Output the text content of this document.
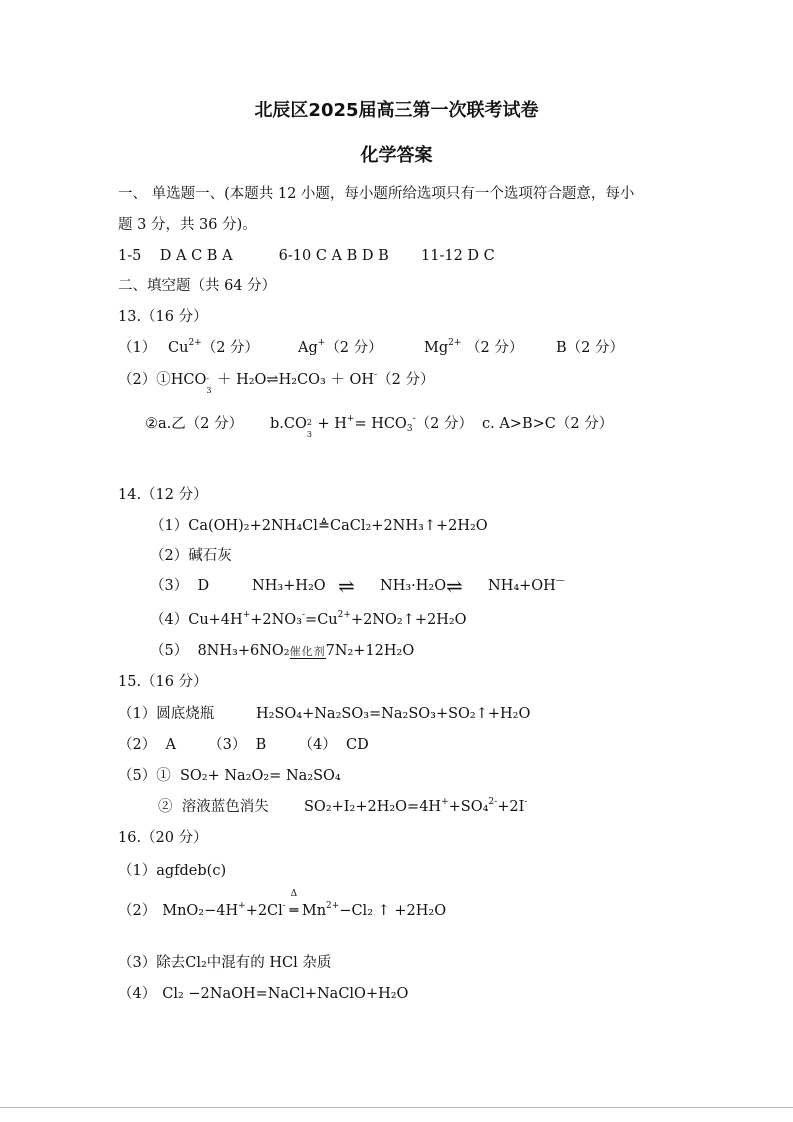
北辰区2025届高三第一次联考试卷
化学答案
一、 单选题一、(本题共 12 小题，每小题所给选项只有一个选项符合题意，每小
题 3 分，共 36 分)。
1-5    D A C B A          6-10 C A B D B       11-12 D C
二、填空题（共 64 分）
13.（16 分）
（1） $Cu^{2+}(2$ 分）	Ag+（2 分）	$Mg^{2+}$ （2 分） B（2 分）
（2）①HCO -
3
＋ H₂O⇌H₂CO₃ ＋ OH-（2 分）
②a.乙（2 分） b.CO 2
3
+ $H^+= HCO_3^-(2$ 分） c. A>B>C（2 分）
14.（12 分）
（1）Ca(OH)₂+2NH₄Cl≜CaCl₂+2NH₃↑+2H₂O
（2）碱石灰
（3）  D	NH₃+H₂O ⇌ NH₃·H₂O ⇌ NH₄+OH—
$(4)Cu+4H^++2NO_3^-=Cu^{2+}+2NO_2↑+2H_2O$
（5）  8NH₃+6NO₂催化剂7N₂+12H₂O
15.（16 分）
（1）圆底烧瓶	H₂SO₄+Na₂SO₃=Na₂SO₃+SO₂↑+H₂O
（2）  A       （3）  B       （4）  CD
（5）①  SO₂+ Na₂O₂= Na₂SO₄
②  溶液蓝色消失 SO₂+I₂+2H₂O=4H++SO₄$^{2-}$+2I-
16.（20 分）
（1）agfdeb(c)
（2） MnO₂−4H++2Cl-
Δ
═ $Mn^{2+}-Cl_2$ ↑ +2H₂O
（3）除去Cl₂中混有的 HCl 杂质
（4） Cl₂ −2NaOH=NaCl+NaClO+H₂O
